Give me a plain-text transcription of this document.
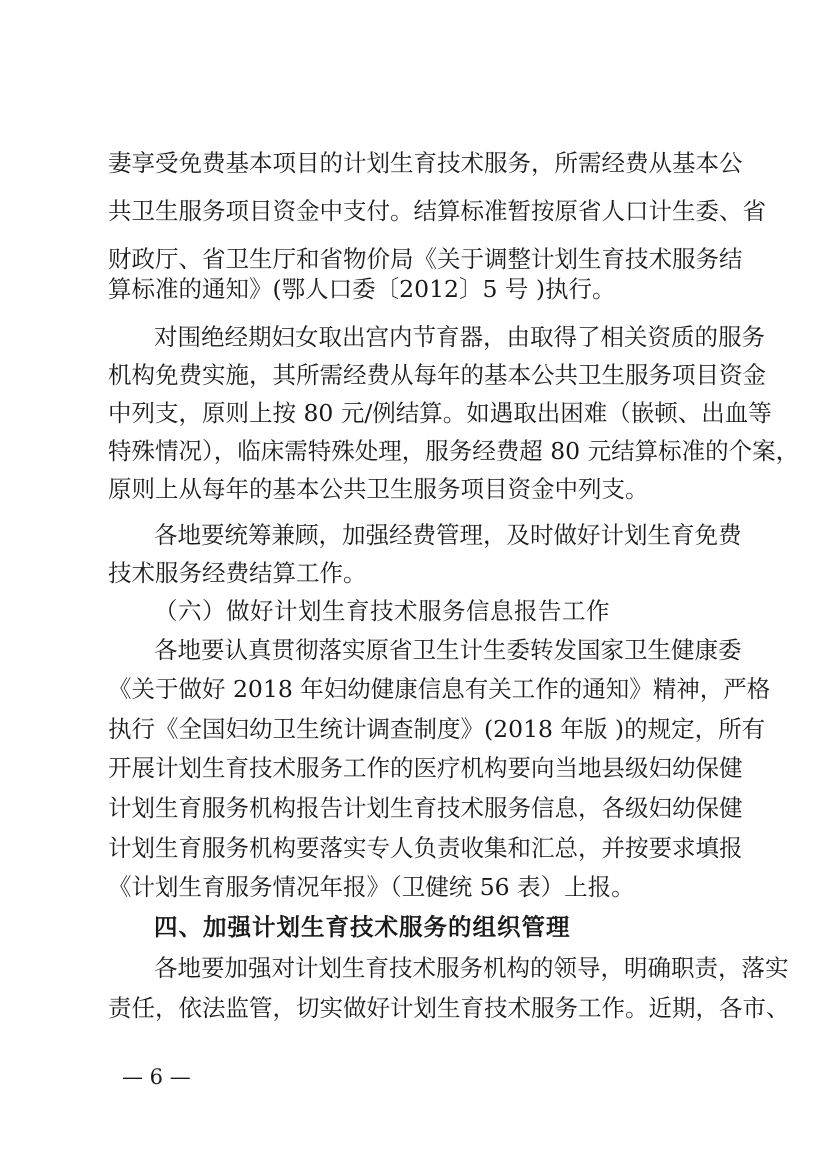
妻享受免费基本项目的计划生育技术服务，所需经费从基本公
共卫生服务项目资金中支付。结算标准暂按原省人口计生委、省
财政厅、省卫生厅和省物价局《关于调整计划生育技术服务结
算标准的通知》(鄂人口委〔2012〕5 号 )执行。
对围绝经期妇女取出宫内节育器，由取得了相关资质的服务
机构免费实施，其所需经费从每年的基本公共卫生服务项目资金
中列支，原则上按 80 元/例结算。如遇取出困难（嵌顿、出血等
特殊情况），临床需特殊处理，服务经费超 80 元结算标准的个案，
原则上从每年的基本公共卫生服务项目资金中列支。
各地要统筹兼顾，加强经费管理，及时做好计划生育免费
技术服务经费结算工作。
（六）做好计划生育技术服务信息报告工作
各地要认真贯彻落实原省卫生计生委转发国家卫生健康委
《关于做好 2018 年妇幼健康信息有关工作的通知》精神，严格
执行《全国妇幼卫生统计调查制度》(2018 年版 )的规定，所有
开展计划生育技术服务工作的医疗机构要向当地县级妇幼保健
计划生育服务机构报告计划生育技术服务信息，各级妇幼保健
计划生育服务机构要落实专人负责收集和汇总，并按要求填报
《计划生育服务情况年报》（卫健统 56 表）上报。
四、加强计划生育技术服务的组织管理
各地要加强对计划生育技术服务机构的领导，明确职责，落实
责任，依法监管，切实做好计划生育技术服务工作。近期，各市、
— 6 —
